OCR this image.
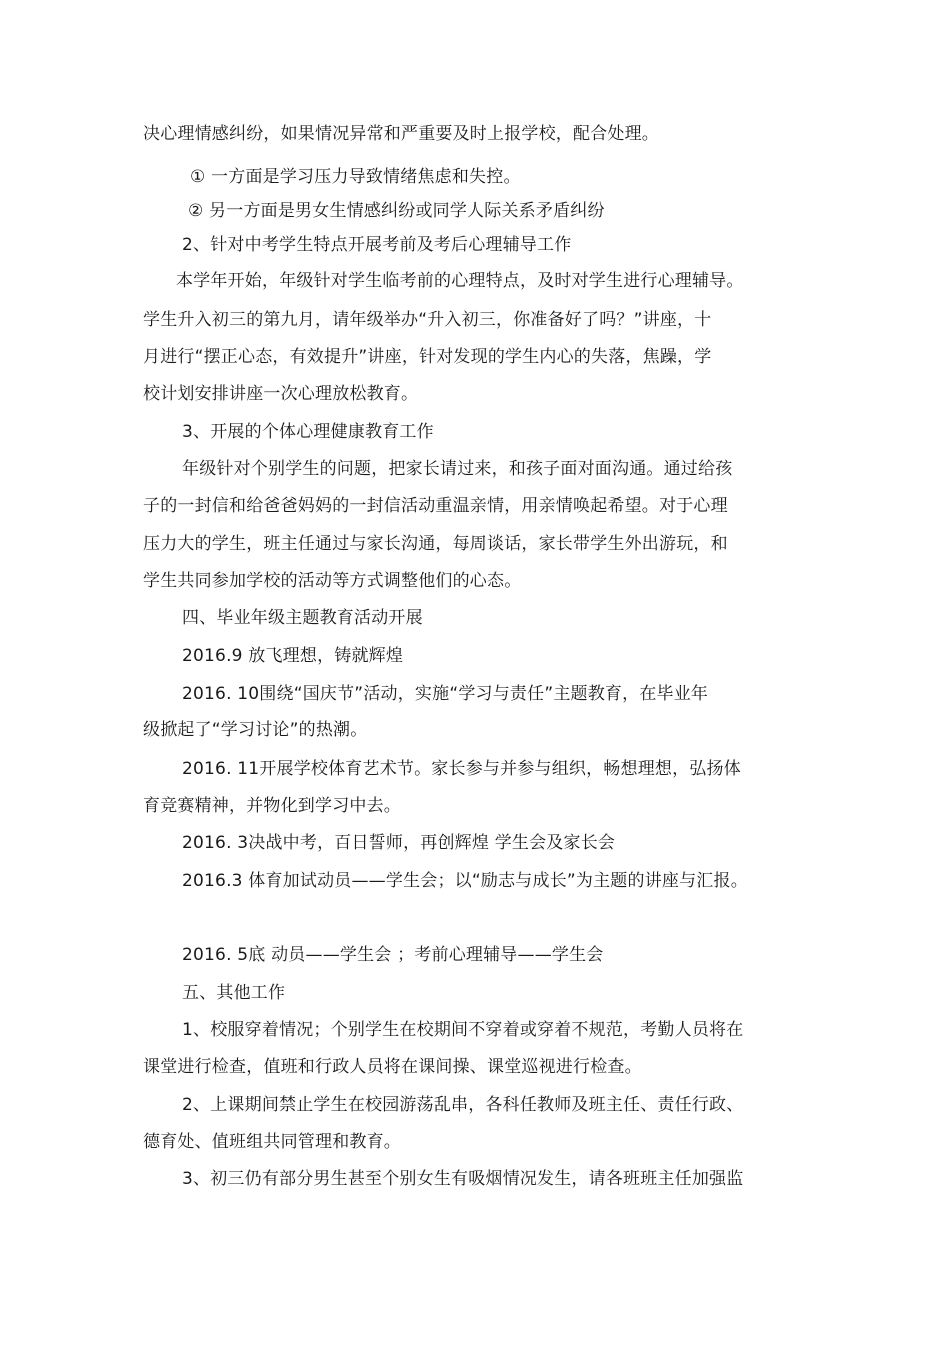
决心理情感纠纷，如果情况异常和严重要及时上报学校，配合处理。
① 一方面是学习压力导致情绪焦虑和失控。
② 另一方面是男女生情感纠纷或同学人际关系矛盾纠纷
2、针对中考学生特点开展考前及考后心理辅导工作
本学年开始，年级针对学生临考前的心理特点，及时对学生进行心理辅导。
学生升入初三的第九月，请年级举办“升入初三，你准备好了吗？”讲座，十
月进行“摆正心态，有效提升”讲座，针对发现的学生内心的失落，焦躁，学
校计划安排讲座一次心理放松教育。
3、开展的个体心理健康教育工作
年级针对个别学生的问题，把家长请过来，和孩子面对面沟通。通过给孩
子的一封信和给爸爸妈妈的一封信活动重温亲情，用亲情唤起希望。对于心理
压力大的学生，班主任通过与家长沟通，每周谈话，家长带学生外出游玩，和
学生共同参加学校的活动等方式调整他们的心态。
四、毕业年级主题教育活动开展
2016.9 放飞理想，铸就辉煌
2016. 10围绕“国庆节”活动，实施“学习与责任”主题教育，在毕业年
级掀起了“学习讨论”的热潮。
2016. 11开展学校体育艺术节。家长参与并参与组织，畅想理想，弘扬体
育竞赛精神，并物化到学习中去。
2016. 3决战中考，百日誓师，再创辉煌 学生会及家长会
2016.3 体育加试动员——学生会；以“励志与成长”为主题的讲座与汇报。
2016. 5底 动员——学生会 ；考前心理辅导——学生会
五、其他工作
1、校服穿着情况；个别学生在校期间不穿着或穿着不规范，考勤人员将在
课堂进行检查，值班和行政人员将在课间操、课堂巡视进行检查。
2、上课期间禁止学生在校园游荡乱串，各科任教师及班主任、责任行政、
德育处、值班组共同管理和教育。
3、初三仍有部分男生甚至个别女生有吸烟情况发生，请各班班主任加强监
